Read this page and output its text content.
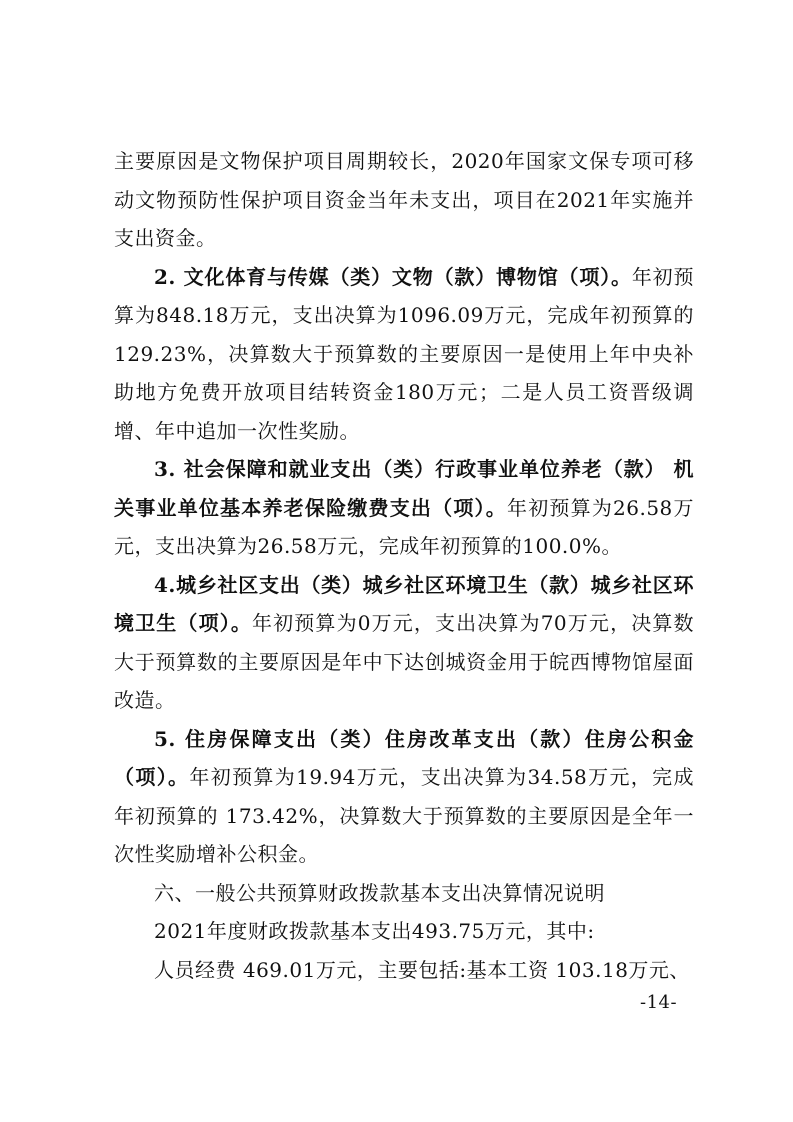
主要原因是文物保护项目周期较长，2020年国家文保专项可移动文物预防性保护项目资金当年未支出，项目在2021年实施并支出资金。

2. 文化体育与传媒（类）文物（款）博物馆（项）。年初预算为848.18万元，支出决算为1096.09万元，完成年初预算的129.23%，决算数大于预算数的主要原因一是使用上年中央补助地方免费开放项目结转资金180万元；二是人员工资晋级调增、年中追加一次性奖励。

3. 社会保障和就业支出（类）行政事业单位养老（款） 机关事业单位基本养老保险缴费支出（项）。年初预算为26.58万元，支出决算为26.58万元，完成年初预算的100.0%。

4.城乡社区支出（类）城乡社区环境卫生（款）城乡社区环境卫生（项）。年初预算为0万元，支出决算为70万元，决算数大于预算数的主要原因是年中下达创城资金用于皖西博物馆屋面改造。

5. 住房保障支出（类）住房改革支出（款）住房公积金（项）。年初预算为19.94万元，支出决算为34.58万元，完成年初预算的 173.42%，决算数大于预算数的主要原因是全年一次性奖励增补公积金。

六、一般公共预算财政拨款基本支出决算情况说明

2021年度财政拨款基本支出493.75万元，其中:

人员经费 469.01万元，主要包括:基本工资 103.18万元、

-14-
